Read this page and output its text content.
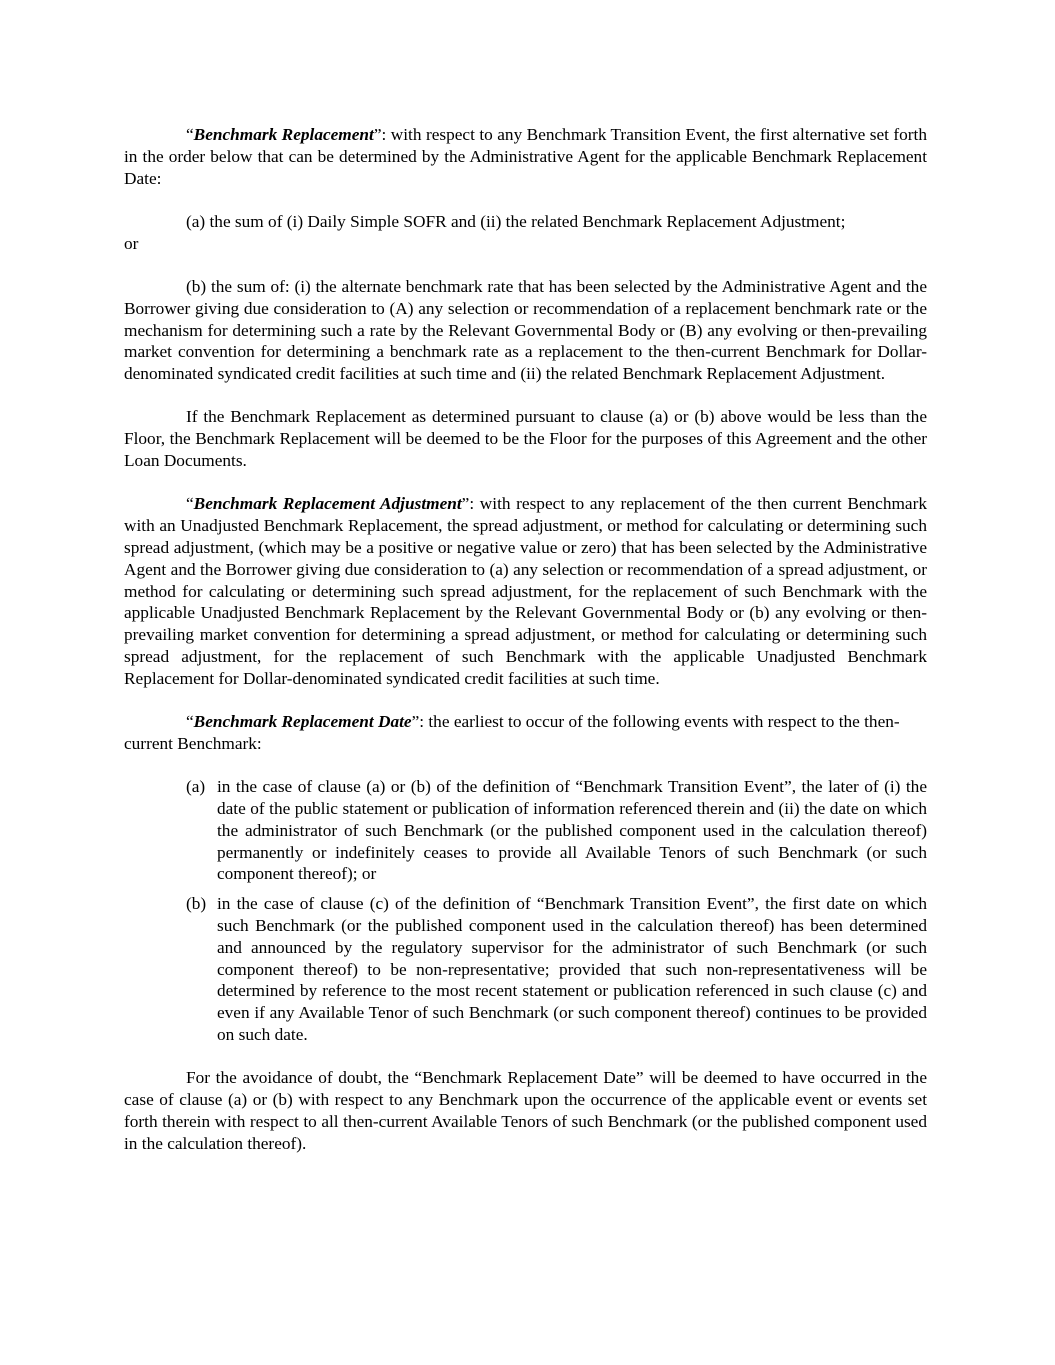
“Benchmark Replacement”: with respect to any Benchmark Transition Event, the first alternative set forth in the order below that can be determined by the Administrative Agent for the applicable Benchmark Replacement Date:

(a) the sum of (i) Daily Simple SOFR and (ii) the related Benchmark Replacement Adjustment;

or

(b) the sum of: (i) the alternate benchmark rate that has been selected by the Administrative Agent and the Borrower giving due consideration to (A) any selection or recommendation of a replacement benchmark rate or the mechanism for determining such a rate by the Relevant Governmental Body or (B) any evolving or then-prevailing market convention for determining a benchmark rate as a replacement to the then-current Benchmark for Dollar-denominated syndicated credit facilities at such time and (ii) the related Benchmark Replacement Adjustment.

If the Benchmark Replacement as determined pursuant to clause (a) or (b) above would be less than the Floor, the Benchmark Replacement will be deemed to be the Floor for the purposes of this Agreement and the other Loan Documents.

“Benchmark Replacement Adjustment”: with respect to any replacement of the then current Benchmark with an Unadjusted Benchmark Replacement, the spread adjustment, or method for calculating or determining such spread adjustment, (which may be a positive or negative value or zero) that has been selected by the Administrative Agent and the Borrower giving due consideration to (a) any selection or recommendation of a spread adjustment, or method for calculating or determining such spread adjustment, for the replacement of such Benchmark with the applicable Unadjusted Benchmark Replacement by the Relevant Governmental Body or (b) any evolving or then-prevailing market convention for determining a spread adjustment, or method for calculating or determining such spread adjustment, for the replacement of such Benchmark with the applicable Unadjusted Benchmark Replacement for Dollar-denominated syndicated credit facilities at such time.

“Benchmark Replacement Date”: the earliest to occur of the following events with respect to the then-current Benchmark:

(a) in the case of clause (a) or (b) of the definition of “Benchmark Transition Event”, the later of (i) the date of the public statement or publication of information referenced therein and (ii) the date on which the administrator of such Benchmark (or the published component used in the calculation thereof) permanently or indefinitely ceases to provide all Available Tenors of such Benchmark (or such component thereof); or
(b) in the case of clause (c) of the definition of “Benchmark Transition Event”, the first date on which such Benchmark (or the published component used in the calculation thereof) has been determined and announced by the regulatory supervisor for the administrator of such Benchmark (or such component thereof) to be non-representative; provided that such non-representativeness will be determined by reference to the most recent statement or publication referenced in such clause (c) and even if any Available Tenor of such Benchmark (or such component thereof) continues to be provided on such date.

For the avoidance of doubt, the “Benchmark Replacement Date” will be deemed to have occurred in the case of clause (a) or (b) with respect to any Benchmark upon the occurrence of the applicable event or events set forth therein with respect to all then-current Available Tenors of such Benchmark (or the published component used in the calculation thereof).
